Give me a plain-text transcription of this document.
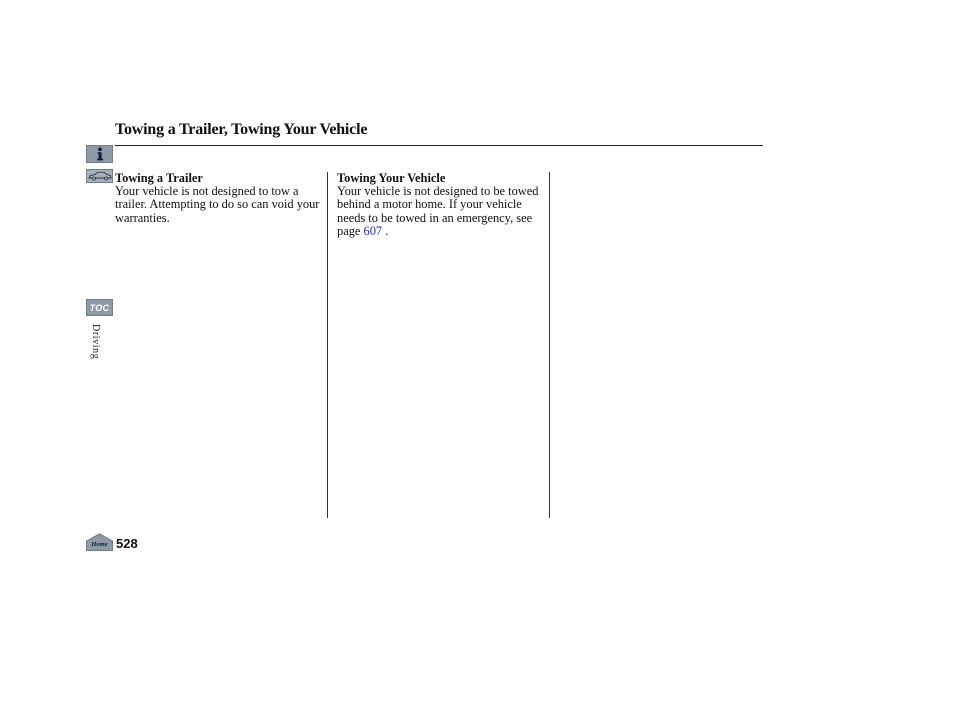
Towing a Trailer, Towing Your Vehicle
TOC
Driving
Towing a Trailer

Your vehicle is not designed to tow a trailer. Attempting to do so can void your warranties.

Towing Your Vehicle

Your vehicle is not designed to be towed behind a motor home. If your vehicle needs to be towed in an emergency, see page 607 .

Home 528
